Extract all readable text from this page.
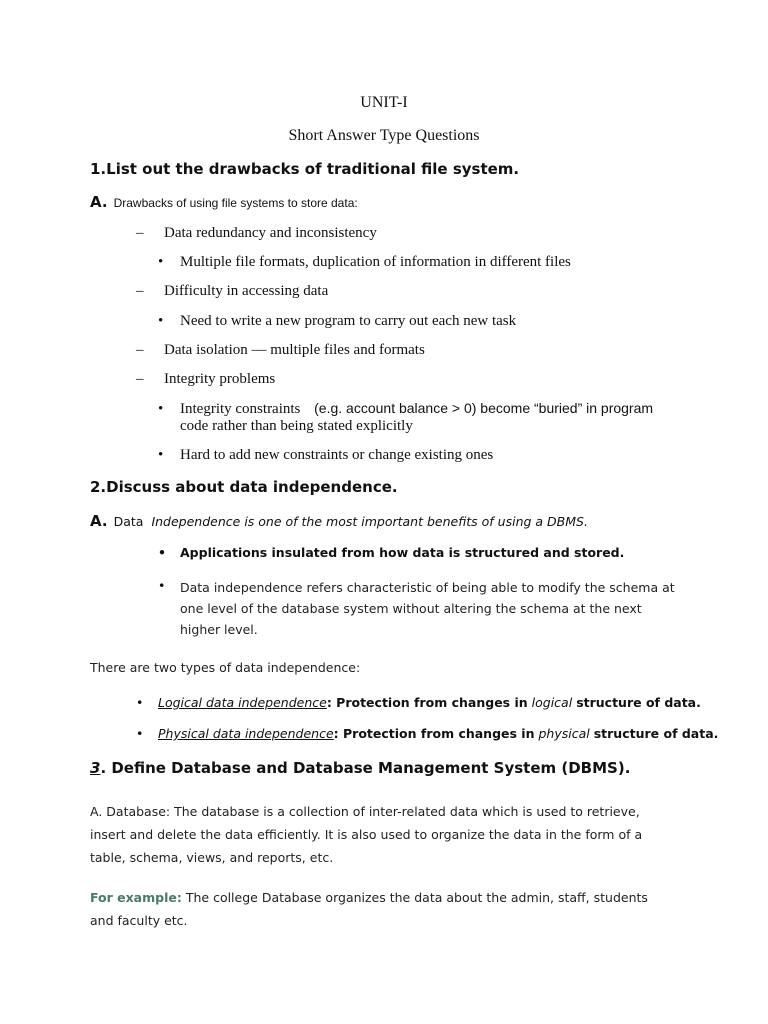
UNIT-I
Short Answer Type Questions
1.List out the drawbacks of traditional file system.
A. Drawbacks of using file systems to store data:
– Data redundancy and inconsistency
• Multiple file formats, duplication of information in different files
– Difficulty in accessing data
• Need to write a new program to carry out each new task
– Data isolation — multiple files and formats
– Integrity problems
• Integrity constraints (e.g. account balance > 0) become “buried” in program
code rather than being stated explicitly
• Hard to add new constraints or change existing ones
2.Discuss about data independence.
A. Data Independence is one of the most important benefits of using a DBMS.
• Applications insulated from how data is structured and stored.
•	Data independence refers characteristic of being able to modify the schema at
one level of the database system without altering the schema at the next
higher level.
There are two types of data independence:
• Logical data independence: Protection from changes in logical structure of data.
• Physical data independence: Protection from changes in physical structure of data.
3. Define Database and Database Management System (DBMS).
A. Database: The database is a collection of inter-related data which is used to retrieve,
insert and delete the data efficiently. It is also used to organize the data in the form of a
table, schema, views, and reports, etc.
For example: The college Database organizes the data about the admin, staff, students
and faculty etc.
